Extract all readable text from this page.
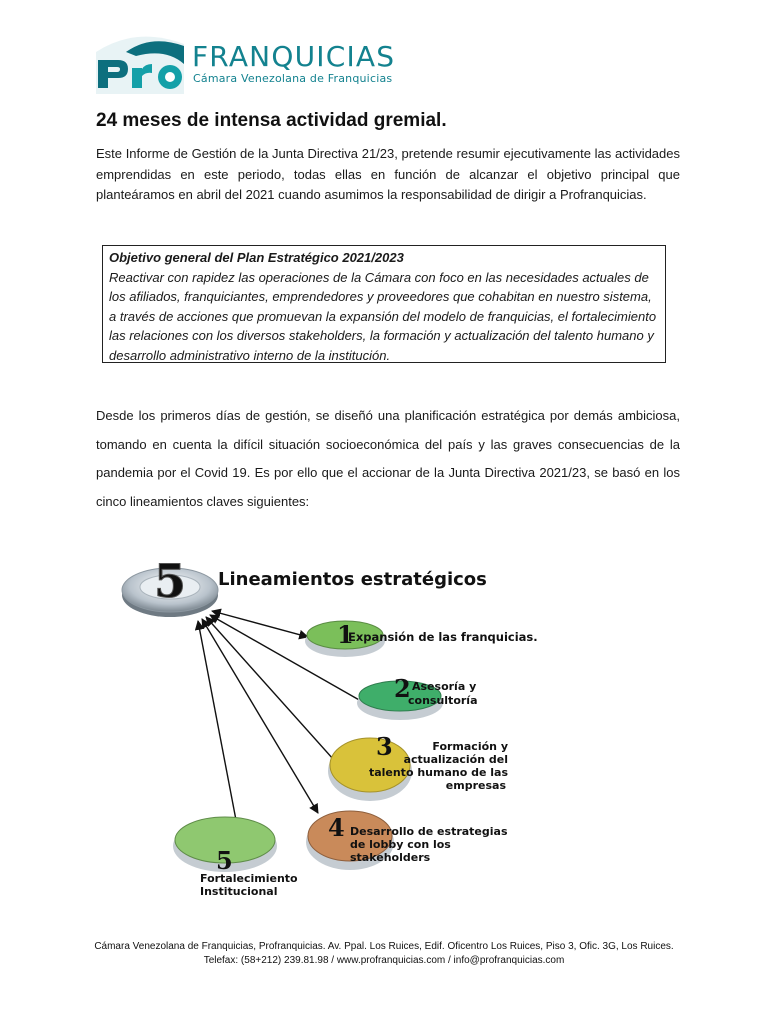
FRANQUICIAS
Cámara Venezolana de Franquicias
24 meses de intensa actividad gremial.

Este Informe de Gestión de la Junta Directiva 21/23, pretende resumir ejecutivamente las actividades emprendidas en este periodo, todas ellas en función de alcanzar el objetivo principal que planteáramos en abril del 2021 cuando asumimos la responsabilidad de dirigir a Profranquicias.

Objetivo general del Plan Estratégico 2021/2023
Reactivar con rapidez las operaciones de la Cámara con foco en las necesidades actuales de los afiliados, franquiciantes, emprendedores y proveedores que cohabitan en nuestro sistema, a través de acciones que promuevan la expansión del modelo de franquicias, el fortalecimiento las relaciones con los diversos stakeholders, la formación y actualización del talento humano y desarrollo administrativo interno de la institución.

Desde los primeros días de gestión, se diseñó una planificación estratégica por demás ambiciosa, tomando en cuenta la difícil situación socioeconómica del país y las graves consecuencias de la pandemia por el Covid 19. Es por ello que el accionar de la Junta Directiva 2021/23, se basó en los cinco lineamientos claves siguientes:

5 Lineamientos estratégicos
1
Expansión de las franquicias.
2 Asesoría y
consultoría
3	Formación y
actualización del
talento humano de las
empresas
4 Desarrollo de estrategias
de lobby con los
stakeholders
5
Fortalecimiento
Institucional
Cámara Venezolana de Franquicias, Profranquicias. Av. Ppal. Los Ruices, Edif. Oficentro Los Ruices, Piso 3, Ofic. 3G, Los Ruices.
Telefax: (58+212) 239.81.98 / www.profranquicias.com / info@profranquicias.com
